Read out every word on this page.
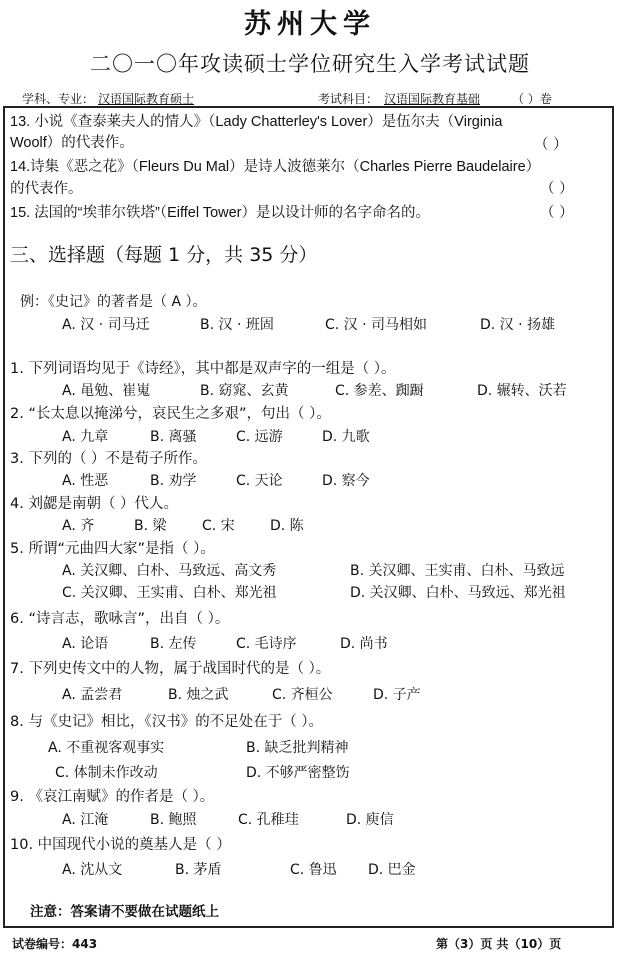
苏州大学
二〇一〇年攻读硕士学位研究生入学考试试题
学科、专业： 汉语国际教育硕士	考试科目： 汉语国际教育基础	（ ）卷
13. 小说《查泰莱夫人的情人》（Lady Chatterley's Lover）是伍尔夫（Virginia
Woolf）的代表作。	（ ）
14.诗集《恶之花》（Fleurs Du Mal）是诗人波德莱尔（Charles Pierre Baudelaire）
的代表作。	（ ）
15. 法国的“埃菲尔铁塔”（Eiffel Tower）是以设计师的名字命名的。	（ ）
三、选择题（每题 1 分，共 35 分）
例：《史记》的著者是（ A ）。
A. 汉 · 司马迁	B. 汉 · 班固	C. 汉 · 司马相如	D. 汉 · 扬雄
1. 下列词语均见于《诗经》，其中都是双声字的一组是（ ）。
A. 黾勉、崔嵬	B. 窈窕、玄黄	C. 参差、踟蹰	D. 辗转、沃若
2. “长太息以掩涕兮，哀民生之多艰”，句出（ ）。
A. 九章	B. 离骚	C. 远游	D. 九歌
3. 下列的（ ）不是荀子所作。
A. 性恶	B. 劝学	C. 天论	D. 察今
4. 刘勰是南朝（ ）代人。
A. 齐	B. 梁	C. 宋	D. 陈
5. 所谓“元曲四大家”是指（ ）。
A. 关汉卿、白朴、马致远、高文秀	B. 关汉卿、王实甫、白朴、马致远
C. 关汉卿、王实甫、白朴、郑光祖	D. 关汉卿、白朴、马致远、郑光祖
6. “诗言志，歌咏言”，出自（ ）。
A. 论语	B. 左传	C. 毛诗序	D. 尚书
7. 下列史传文中的人物，属于战国时代的是（ ）。
A. 孟尝君	B. 烛之武	C. 齐桓公	D. 子产
8. 与《史记》相比，《汉书》的不足处在于（ ）。
A. 不重视客观事实	B. 缺乏批判精神
C. 体制未作改动	D. 不够严密整饬
9. 《哀江南赋》的作者是（ ）。
A. 江淹	B. 鲍照	C. 孔稚珪	D. 庾信
10. 中国现代小说的奠基人是（ ）
A. 沈从文	B. 茅盾	C. 鲁迅 D. 巴金
注意：答案请不要做在试题纸上
试卷编号：443	第（3）页 共（10）页
